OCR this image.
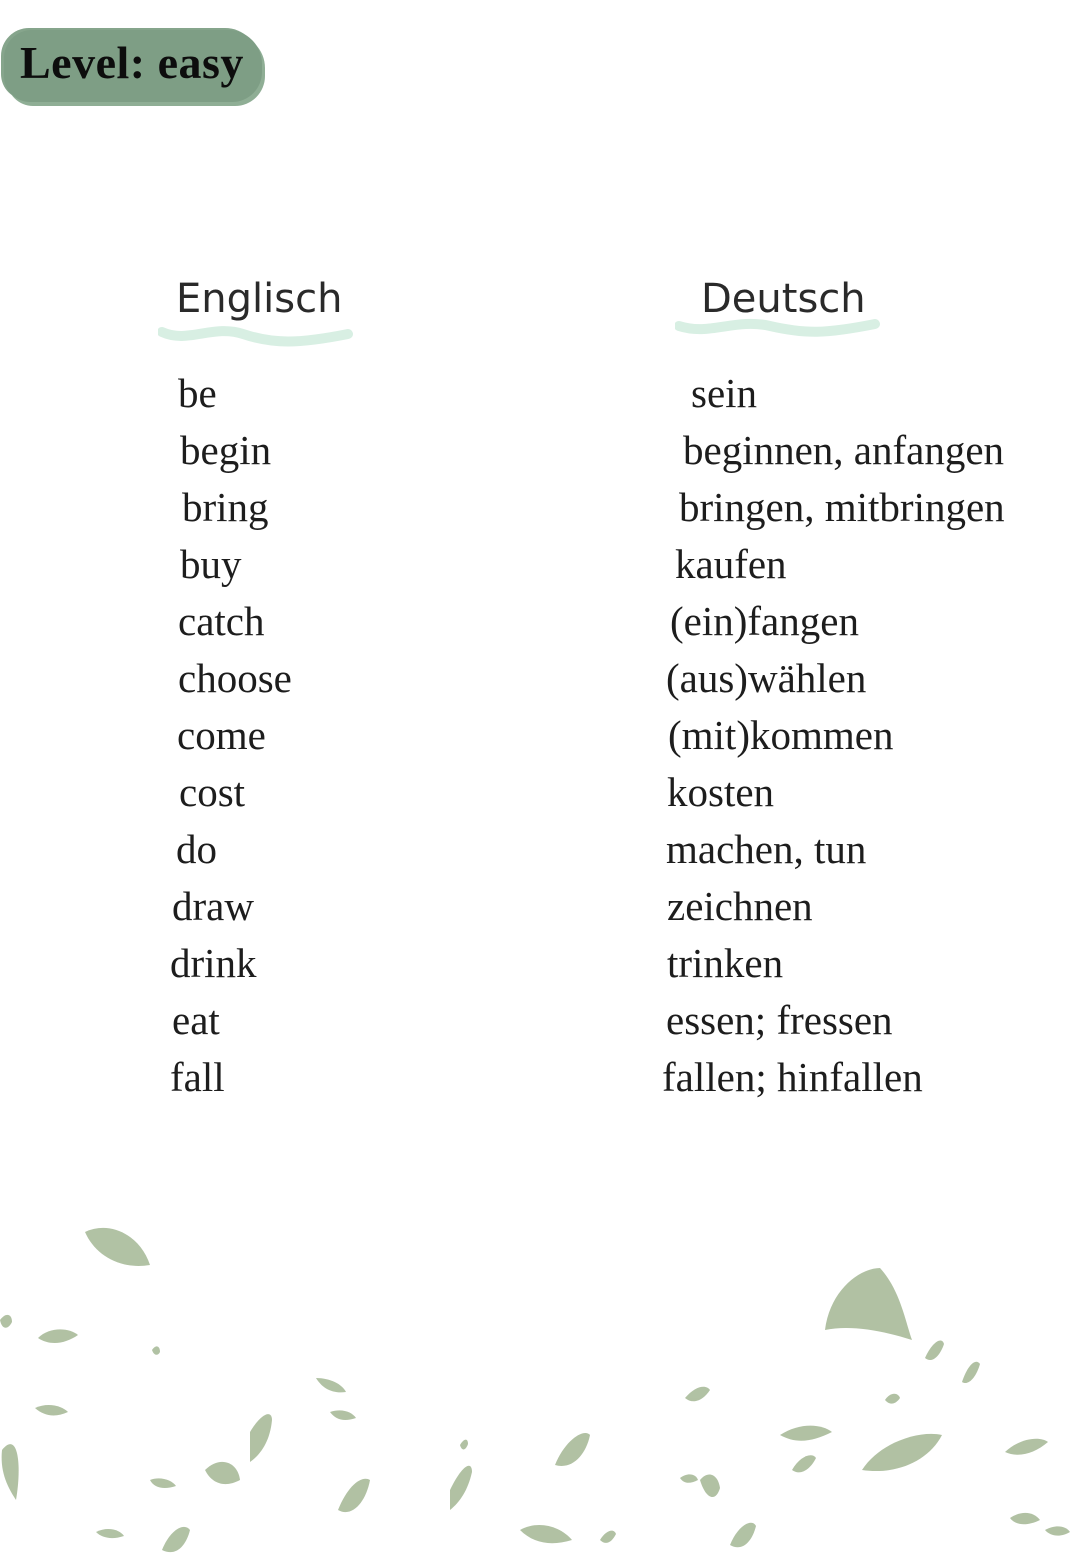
Level: easy
Englisch	Deutsch
be	sein
begin	beginnen, anfangen
bring	bringen, mitbringen
buy	kaufen
catch	(ein)fangen
choose	(aus)wählen
come	(mit)kommen
cost	kosten
do	machen, tun
draw	zeichnen
drink	trinken
eat	essen; fressen
fall	fallen; hinfallen
